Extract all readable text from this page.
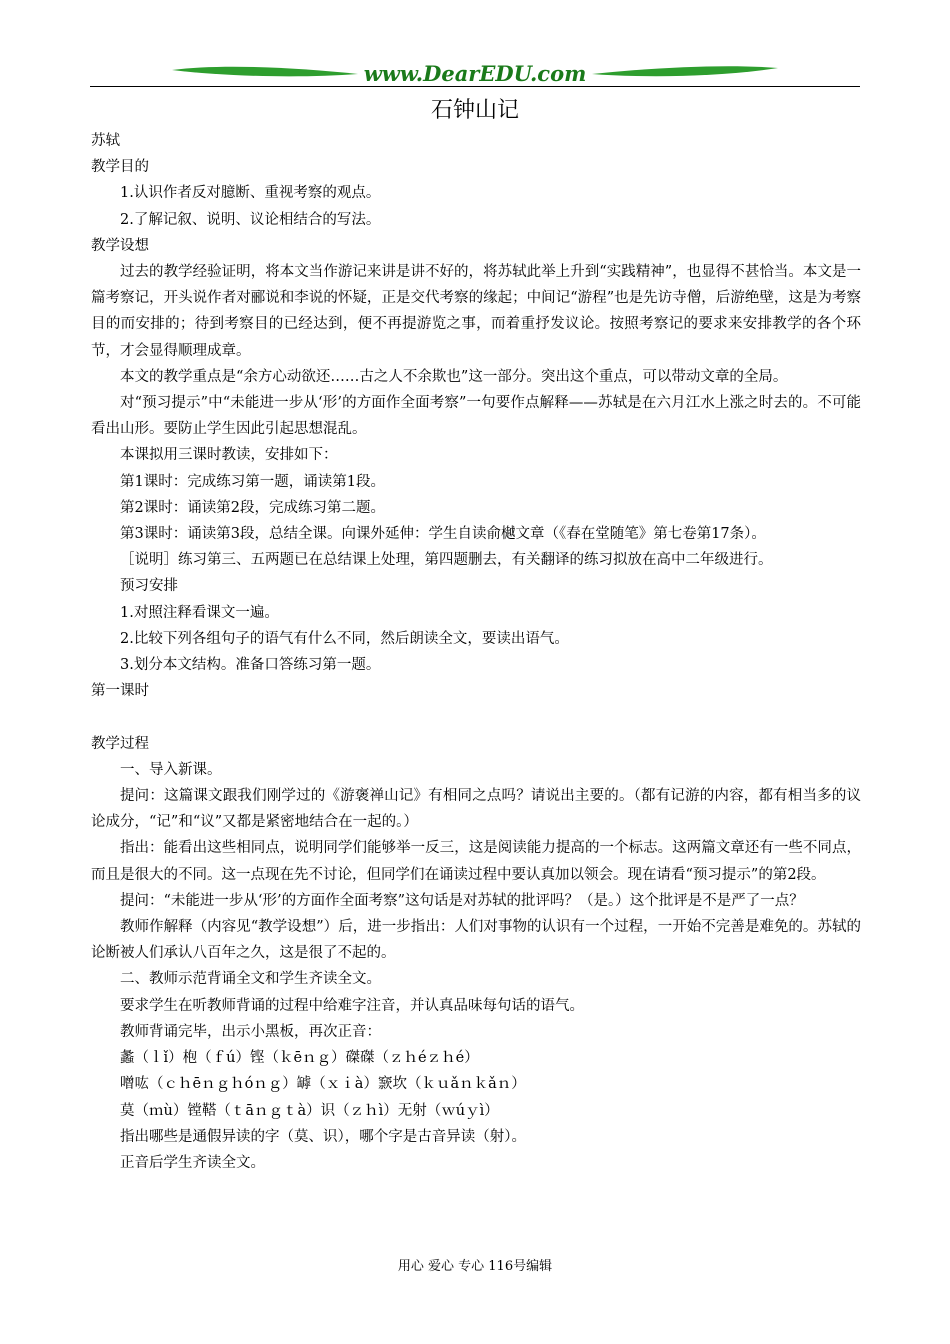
www.DearEDU.com
石钟山记

苏轼

教学目的

1.认识作者反对臆断、重视考察的观点。

2.了解记叙、说明、议论相结合的写法。

教学设想

过去的教学经验证明，将本文当作游记来讲是讲不好的，将苏轼此举上升到“实践精神”，也显得不甚恰当。本文是一篇考察记，开头说作者对郦说和李说的怀疑，正是交代考察的缘起；中间记“游程”也是先访寺僧，后游绝壁，这是为考察目的而安排的；待到考察目的已经达到，便不再提游览之事，而着重抒发议论。按照考察记的要求来安排教学的各个环节，才会显得顺理成章。

本文的教学重点是“余方心动欲还……古之人不余欺也”这一部分。突出这个重点，可以带动文章的全局。

对“预习提示”中“未能进一步从‘形’的方面作全面考察”一句要作点解释——苏轼是在六月江水上涨之时去的。不可能看出山形。要防止学生因此引起思想混乱。

本课拟用三课时教读，安排如下：

第1课时：完成练习第一题，诵读第1段。

第2课时：诵读第2段，完成练习第二题。

第3课时：诵读第3段，总结全课。向课外延伸：学生自读俞樾文章（《春在堂随笔》第七卷第17条）。

［说明］练习第三、五两题已在总结课上处理，第四题删去，有关翻译的练习拟放在高中二年级进行。

预习安排

1.对照注释看课文一遍。

2.比较下列各组句子的语气有什么不同，然后朗读全文，要读出语气。

3.划分本文结构。准备口答练习第一题。

第一课时

教学过程

一、导入新课。

提问：这篇课文跟我们刚学过的《游褒禅山记》有相同之点吗？请说出主要的。（都有记游的内容，都有相当多的议论成分，“记”和“议”又都是紧密地结合在一起的。）

指出：能看出这些相同点，说明同学们能够举一反三，这是阅读能力提高的一个标志。这两篇文章还有一些不同点，而且是很大的不同。这一点现在先不讨论，但同学们在诵读过程中要认真加以领会。现在请看“预习提示”的第2段。

提问：“未能进一步从‘形’的方面作全面考察”这句话是对苏轼的批评吗？（是。）这个批评是不是严了一点？

教师作解释（内容见“教学设想”）后，进一步指出：人们对事物的认识有一个过程，一开始不完善是难免的。苏轼的论断被人们承认八百年之久，这是很了不起的。

二、教师示范背诵全文和学生齐读全文。

要求学生在听教师背诵的过程中给难字注音，并认真品味每句话的语气。

教师背诵完毕，出示小黑板，再次正音：

蠡（ｌǐ）枹（ｆú）铿（ｋēｎｇ）磔磔（ｚｈéｚｈé）

噌吰（ｃｈēｎｇｈóｎｇ）罅（ｘｉà）窾坎（ｋｕǎｎｋǎｎ）

莫（ｍù）镗鞳（ｔāｎｇｔà）识（ｚｈì）无射（ｗúｙì）

指出哪些是通假异读的字（莫、识），哪个字是古音异读（射）。

正音后学生齐读全文。

用心 爱心 专心 116号编辑
